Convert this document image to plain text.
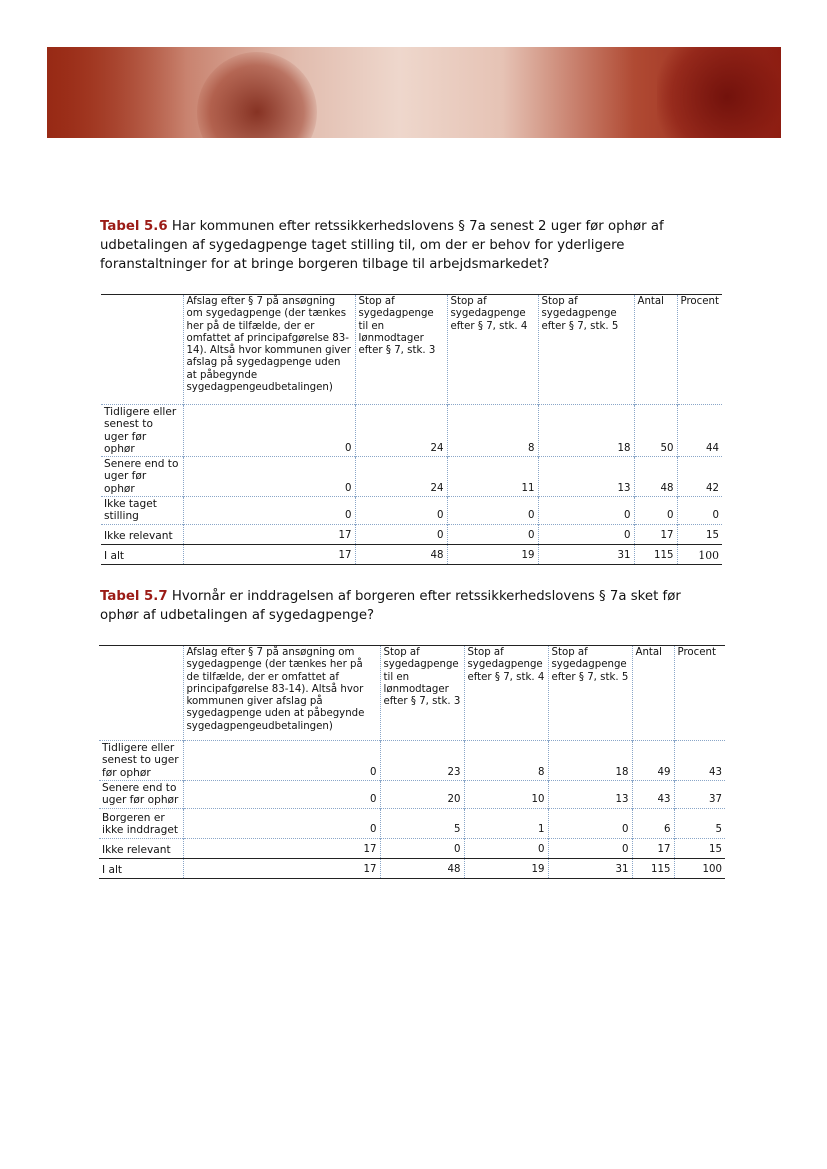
Tabel 5.6 Har kommunen efter retssikkerhedslovens § 7a senest 2 uger før ophør af udbetalingen af sygedagpenge taget stilling til, om der er behov for yderligere foranstaltninger for at bringe borgeren tilbage til arbejdsmarkedet?
	Afslag efter § 7 på ansøgning om sygedagpenge (der tænkes her på de tilfælde, der er omfattet af principafgørelse 83-14). Altså hvor kommunen giver afslag på sygedagpenge uden at påbegynde sygedagpengeudbetalingen)	Stop af sygedagpenge til en lønmodtager efter § 7, stk. 3	Stop af sygedagpenge efter § 7, stk. 4	Stop af sygedagpenge efter § 7, stk. 5	Antal	Procent
Tidligere eller senest to uger før ophør	0	24	8	18	50	44
Senere end to uger før ophør	0	24	11	13	48	42
Ikke taget stilling	0	0	0	0	0	0
Ikke relevant	17	0	0	0	17	15
I alt	17	48	19	31	115	100
Tabel 5.7 Hvornår er inddragelsen af borgeren efter retssikkerhedslovens § 7a sket før ophør af udbetalingen af sygedagpenge?
	Afslag efter § 7 på ansøgning om sygedagpenge (der tænkes her på de tilfælde, der er omfattet af principafgørelse 83-14). Altså hvor kommunen giver afslag på sygedagpenge uden at påbegynde sygedagpengeudbetalingen)	Stop af sygedagpenge til en lønmodtager efter § 7, stk. 3	Stop af sygedagpenge efter § 7, stk. 4	Stop af sygedagpenge efter § 7, stk. 5	Antal	Procent
Tidligere eller senest to uger før ophør	0	23	8	18	49	43
Senere end to uger før ophør	0	20	10	13	43	37
Borgeren er ikke inddraget	0	5	1	0	6	5
Ikke relevant	17	0	0	0	17	15
I alt	17	48	19	31	115	100
